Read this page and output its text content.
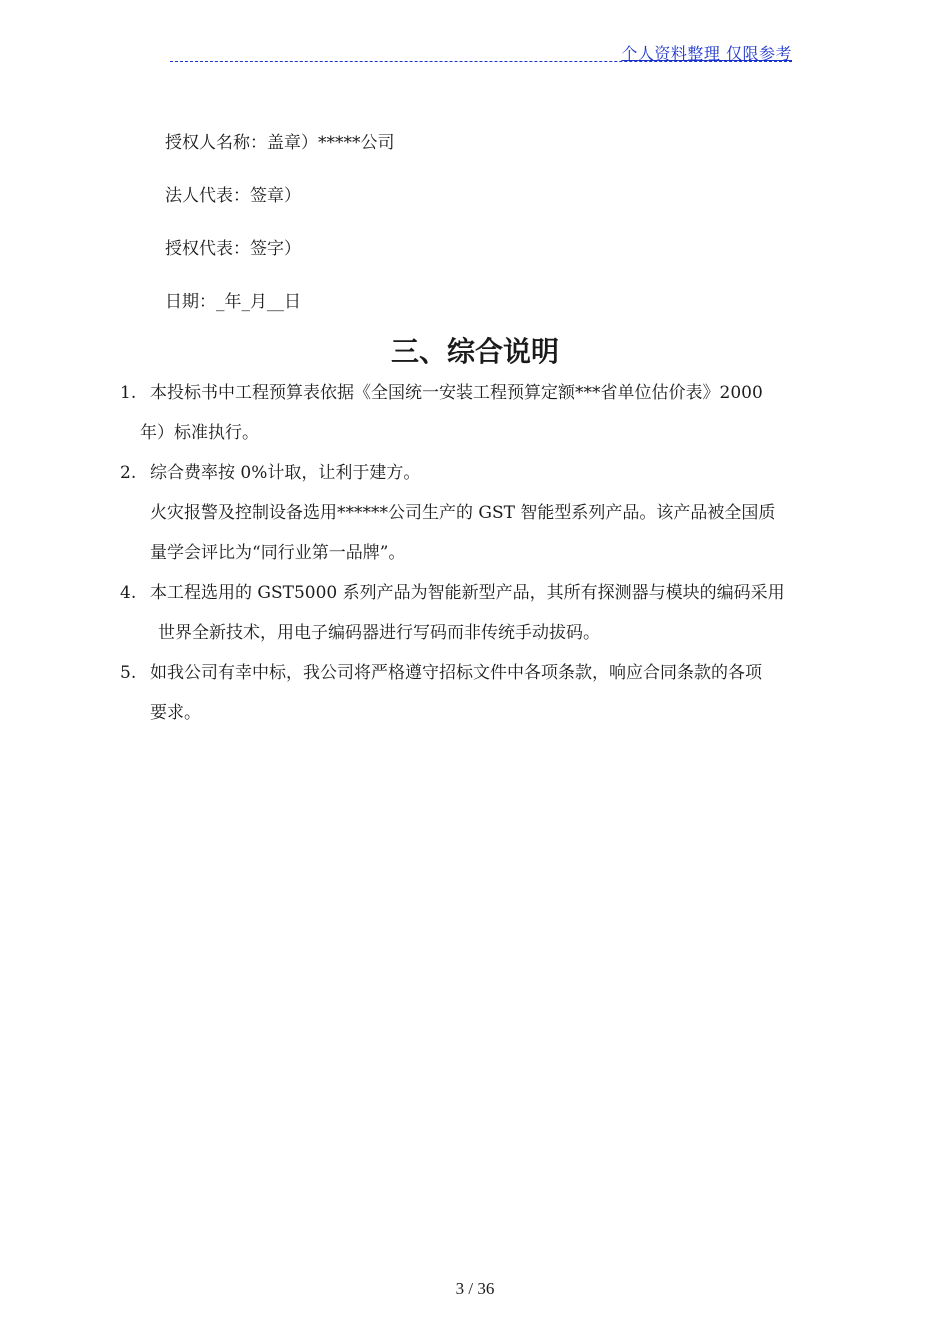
个人资料整理 仅限参考
授权人名称：盖章）*****公司
法人代表：签章）
授权代表：签字）
日期：_年_月__日
三、综合说明
1. 本投标书中工程预算表依据《全国统一安装工程预算定额***省单位估价表》2000
年）标准执行。
2. 综合费率按 0%计取，让利于建方。
火灾报警及控制设备选用******公司生产的 GST 智能型系列产品。该产品被全国质
量学会评比为“同行业第一品牌”。
4. 本工程选用的 GST5000 系列产品为智能新型产品，其所有探测器与模块的编码采用
世界全新技术，用电子编码器进行写码而非传统手动拔码。
5. 如我公司有幸中标，我公司将严格遵守招标文件中各项条款，响应合同条款的各项
要求。
3 / 36
